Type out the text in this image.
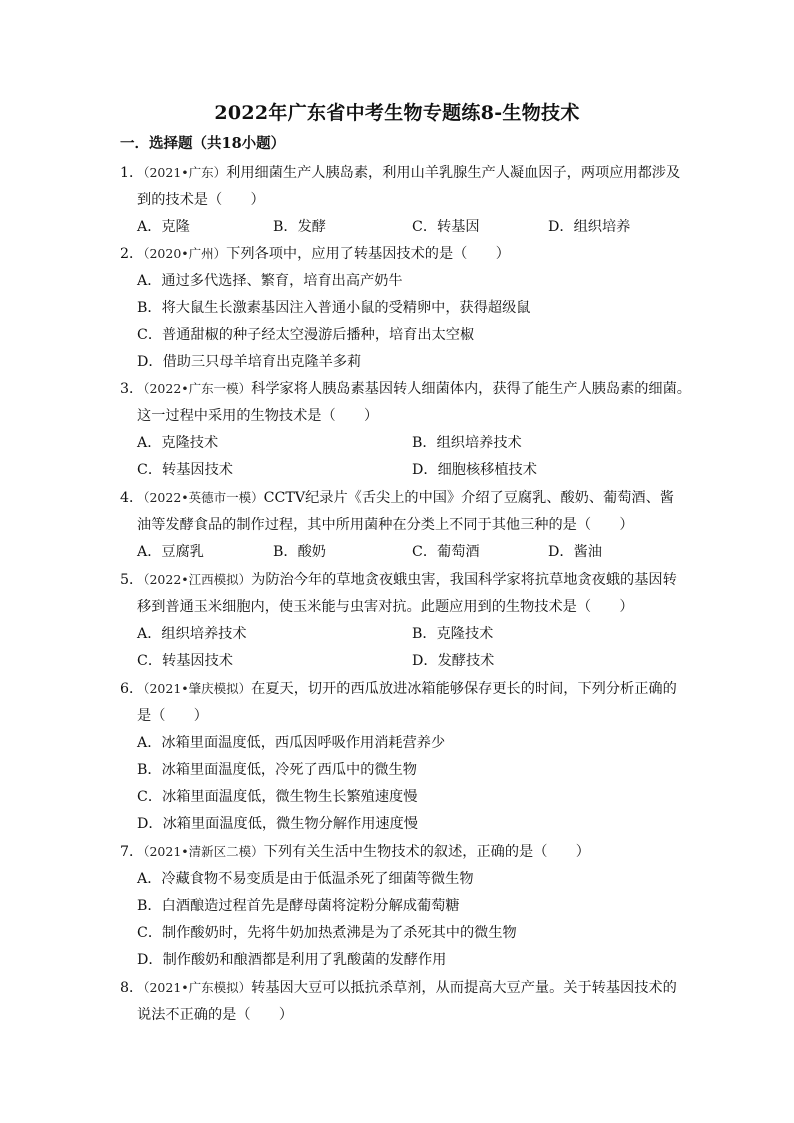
2022年广东省中考生物专题练8-生物技术
一．选择题（共18小题）
1．（2021•广东）利用细菌生产人胰岛素，利用山羊乳腺生产人凝血因子，两项应用都涉及
到的技术是（　　）
A．克隆	B．发酵	C．转基因	D．组织培养
2．（2020•广州）下列各项中，应用了转基因技术的是（　　）
A．通过多代选择、繁育，培育出高产奶牛
B．将大鼠生长激素基因注入普通小鼠的受精卵中，获得超级鼠
C．普通甜椒的种子经太空漫游后播种，培育出太空椒
D．借助三只母羊培育出克隆羊多莉
3．（2022•广东一模）科学家将人胰岛素基因转人细菌体内，获得了能生产人胰岛素的细菌。
这一过程中采用的生物技术是（　　）
A．克隆技术	B．组织培养技术
C．转基因技术	D．细胞核移植技术
4．（2022•英德市一模）CCTV纪录片《舌尖上的中国》介绍了豆腐乳、酸奶、葡萄酒、酱
油等发酵食品的制作过程，其中所用菌种在分类上不同于其他三种的是（　　）
A．豆腐乳	B．酸奶	C．葡萄酒	D．酱油
5．（2022•江西模拟）为防治今年的草地贪夜蛾虫害，我国科学家将抗草地贪夜蛾的基因转
移到普通玉米细胞内，使玉米能与虫害对抗。此题应用到的生物技术是（　　）
A．组织培养技术	B．克隆技术
C．转基因技术	D．发酵技术
6．（2021•肇庆模拟）在夏天，切开的西瓜放进冰箱能够保存更长的时间，下列分析正确的
是（　　）
A．冰箱里面温度低，西瓜因呼吸作用消耗营养少
B．冰箱里面温度低，冷死了西瓜中的微生物
C．冰箱里面温度低，微生物生长繁殖速度慢
D．冰箱里面温度低，微生物分解作用速度慢
7．（2021•清新区二模）下列有关生活中生物技术的叙述，正确的是（　　）
A．冷藏食物不易变质是由于低温杀死了细菌等微生物
B．白酒酿造过程首先是酵母菌将淀粉分解成葡萄糖
C．制作酸奶时，先将牛奶加热煮沸是为了杀死其中的微生物
D．制作酸奶和酿酒都是利用了乳酸菌的发酵作用
8．（2021•广东模拟）转基因大豆可以抵抗杀草剂，从而提高大豆产量。关于转基因技术的
说法不正确的是（　　）
